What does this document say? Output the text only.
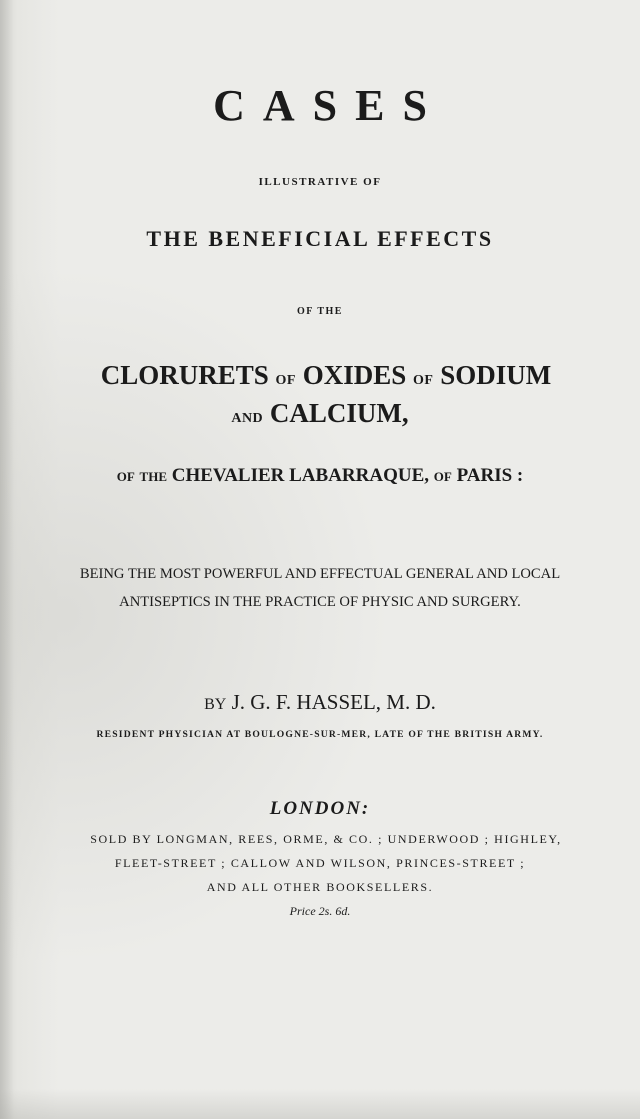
CASES
ILLUSTRATIVE OF
THE BENEFICIAL EFFECTS
OF THE
CLORURETS OF OXIDES OF SODIUM
AND CALCIUM,
OF THE CHEVALIER LABARRAQUE, OF PARIS :
BEING THE MOST POWERFUL AND EFFECTUAL GENERAL AND LOCAL
ANTISEPTICS IN THE PRACTICE OF PHYSIC AND SURGERY.
BY J. G. F. HASSEL, M. D.
RESIDENT PHYSICIAN AT BOULOGNE-SUR-MER, LATE OF THE BRITISH ARMY.
LONDON:
SOLD BY LONGMAN, REES, ORME, & CO. ; UNDERWOOD ; HIGHLEY,
FLEET-STREET ; CALLOW AND WILSON, PRINCES-STREET ;
AND ALL OTHER BOOKSELLERS.
Price 2s. 6d.
